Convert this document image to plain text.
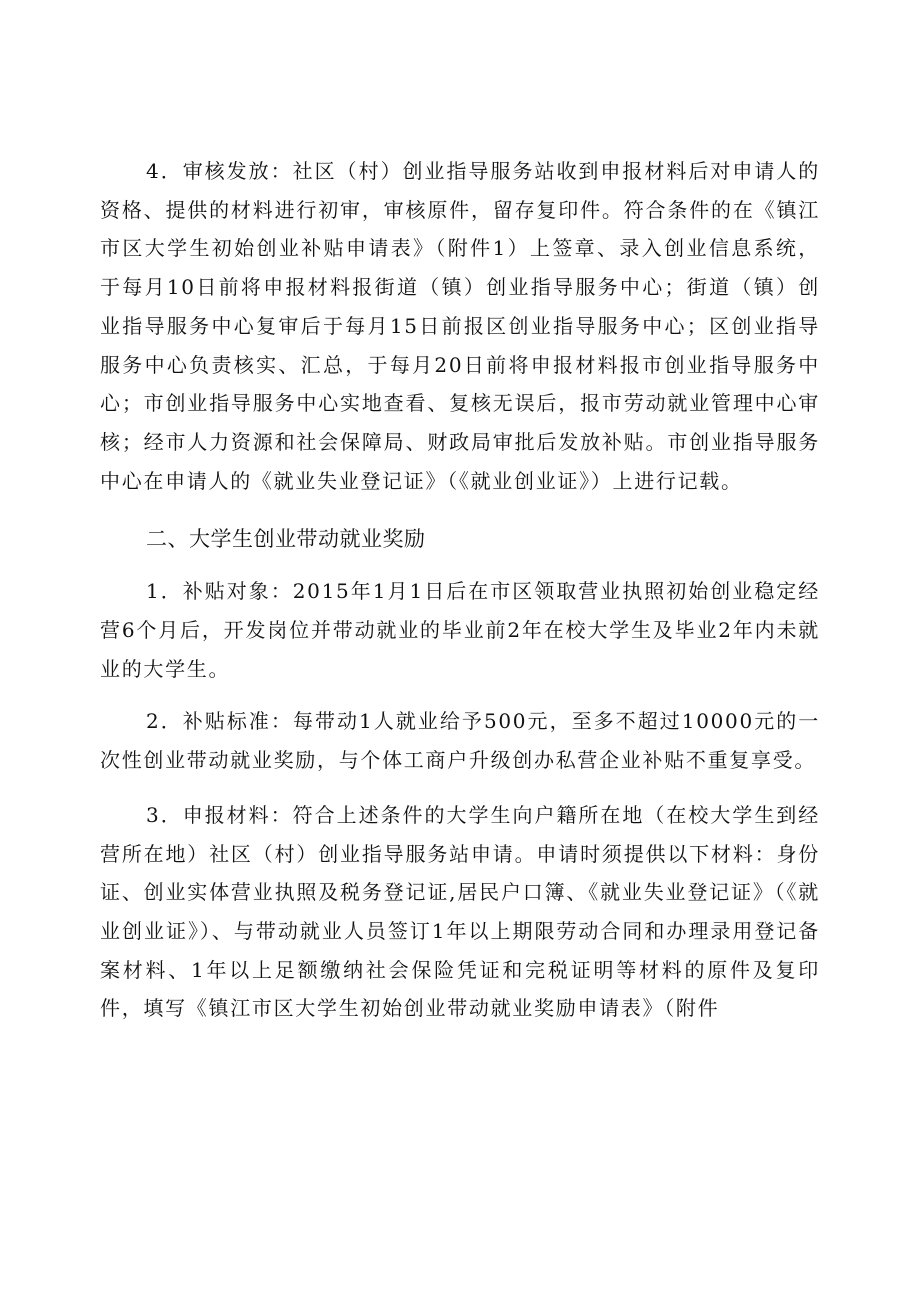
4．审核发放：社区（村）创业指导服务站收到申报材料后对申请人的资格、提供的材料进行初审，审核原件，留存复印件。符合条件的在《镇江市区大学生初始创业补贴申请表》（附件1）上签章、录入创业信息系统，于每月10日前将申报材料报街道（镇）创业指导服务中心；街道（镇）创业指导服务中心复审后于每月15日前报区创业指导服务中心；区创业指导服务中心负责核实、汇总，于每月20日前将申报材料报市创业指导服务中心；市创业指导服务中心实地查看、复核无误后，报市劳动就业管理中心审核；经市人力资源和社会保障局、财政局审批后发放补贴。市创业指导服务中心在申请人的《就业失业登记证》（《就业创业证》）上进行记载。

二、大学生创业带动就业奖励

1．补贴对象：2015年1月1日后在市区领取营业执照初始创业稳定经营6个月后，开发岗位并带动就业的毕业前2年在校大学生及毕业2年内未就业的大学生。

2．补贴标准：每带动1人就业给予500元，至多不超过10000元的一次性创业带动就业奖励，与个体工商户升级创办私营企业补贴不重复享受。

3．申报材料：符合上述条件的大学生向户籍所在地（在校大学生到经营所在地）社区（村）创业指导服务站申请。申请时须提供以下材料：身份证、创业实体营业执照及税务登记证,居民户口簿、《就业失业登记证》（《就业创业证》）、与带动就业人员签订1年以上期限劳动合同和办理录用登记备案材料、1年以上足额缴纳社会保险凭证和完税证明等材料的原件及复印件，填写《镇江市区大学生初始创业带动就业奖励申请表》（附件
